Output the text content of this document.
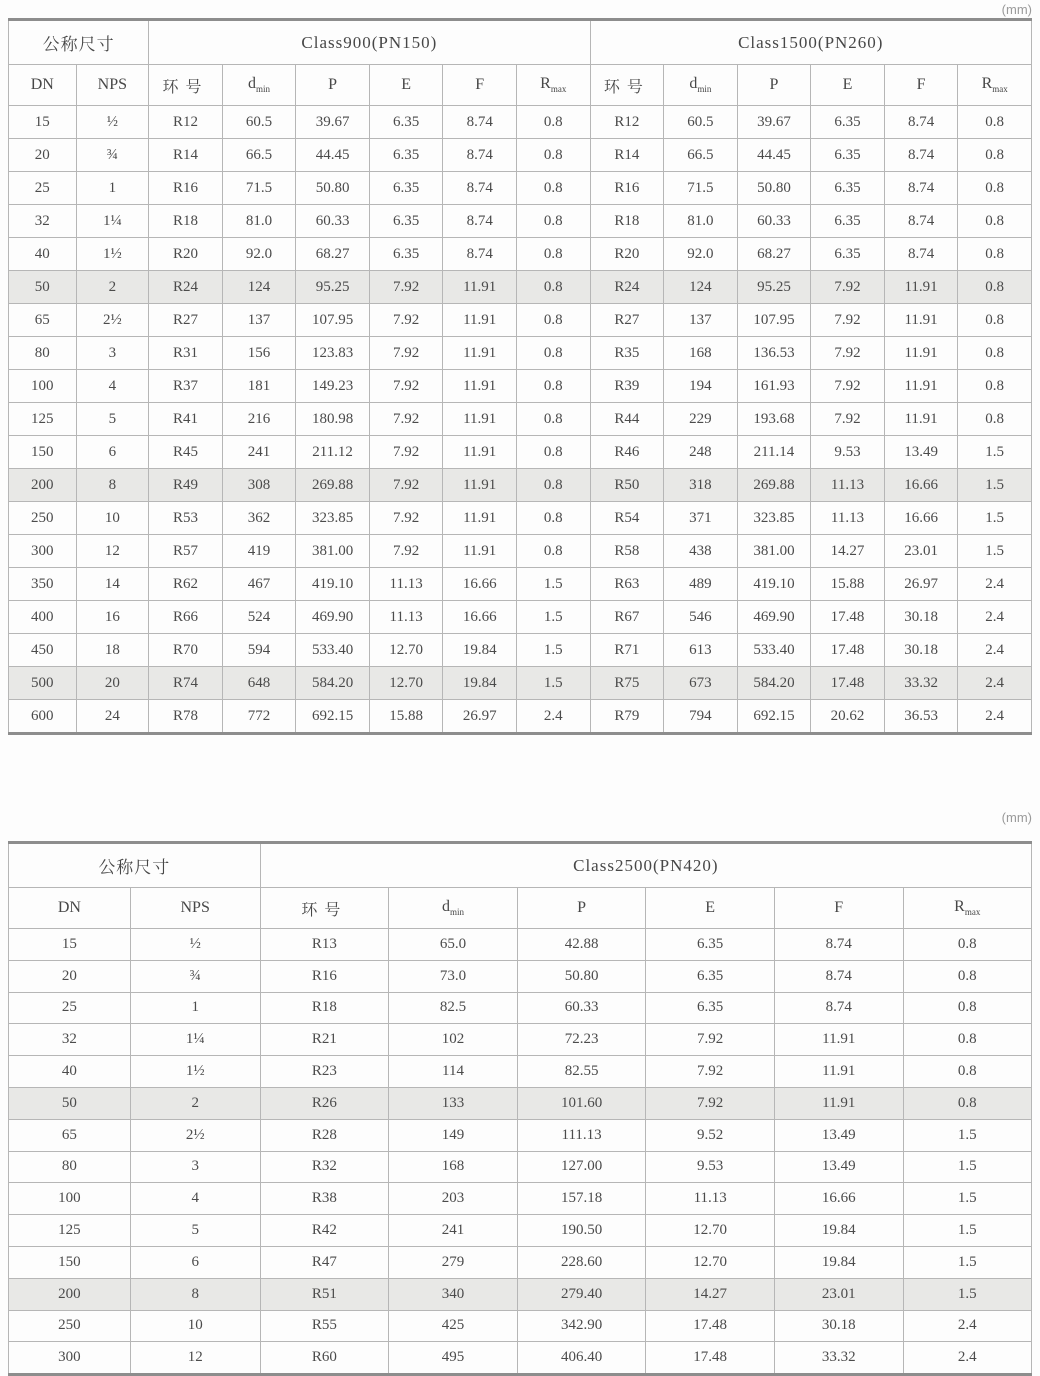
(mm)
公称尺寸		Class900(PN150)						Class1500(PN260)					
DN	NPS	环号	$d_{min}$	P	E	F	$R_{max}$	环号	$d_{min}$	P	E	F	$R_{max}$
15	½	R12	60.5	39.67	6.35	8.74	0.8	R12	60.5	39.67	6.35	8.74	0.8
20	¾	R14	66.5	44.45	6.35	8.74	0.8	R14	66.5	44.45	6.35	8.74	0.8
25	1	R16	71.5	50.80	6.35	8.74	0.8	R16	71.5	50.80	6.35	8.74	0.8
32	1¼	R18	81.0	60.33	6.35	8.74	0.8	R18	81.0	60.33	6.35	8.74	0.8
40	1½	R20	92.0	68.27	6.35	8.74	0.8	R20	92.0	68.27	6.35	8.74	0.8
50	2	R24	124	95.25	7.92	11.91	0.8	R24	124	95.25	7.92	11.91	0.8
65	2½	R27	137	107.95	7.92	11.91	0.8	R27	137	107.95	7.92	11.91	0.8
80	3	R31	156	123.83	7.92	11.91	0.8	R35	168	136.53	7.92	11.91	0.8
100	4	R37	181	149.23	7.92	11.91	0.8	R39	194	161.93	7.92	11.91	0.8
125	5	R41	216	180.98	7.92	11.91	0.8	R44	229	193.68	7.92	11.91	0.8
150	6	R45	241	211.12	7.92	11.91	0.8	R46	248	211.14	9.53	13.49	1.5
200	8	R49	308	269.88	7.92	11.91	0.8	R50	318	269.88	11.13	16.66	1.5
250	10	R53	362	323.85	7.92	11.91	0.8	R54	371	323.85	11.13	16.66	1.5
300	12	R57	419	381.00	7.92	11.91	0.8	R58	438	381.00	14.27	23.01	1.5
350	14	R62	467	419.10	11.13	16.66	1.5	R63	489	419.10	15.88	26.97	2.4
400	16	R66	524	469.90	11.13	16.66	1.5	R67	546	469.90	17.48	30.18	2.4
450	18	R70	594	533.40	12.70	19.84	1.5	R71	613	533.40	17.48	30.18	2.4
500	20	R74	648	584.20	12.70	19.84	1.5	R75	673	584.20	17.48	33.32	2.4
600	24	R78	772	692.15	15.88	26.97	2.4	R79	794	692.15	20.62	36.53	2.4
(mm)
公称尺寸		Class2500(PN420)					
DN	NPS	环号	$d_{min}$	P	E	F	$R_{max}$
15	½	R13	65.0	42.88	6.35	8.74	0.8
20	¾	R16	73.0	50.80	6.35	8.74	0.8
25	1	R18	82.5	60.33	6.35	8.74	0.8
32	1¼	R21	102	72.23	7.92	11.91	0.8
40	1½	R23	114	82.55	7.92	11.91	0.8
50	2	R26	133	101.60	7.92	11.91	0.8
65	2½	R28	149	111.13	9.52	13.49	1.5
80	3	R32	168	127.00	9.53	13.49	1.5
100	4	R38	203	157.18	11.13	16.66	1.5
125	5	R42	241	190.50	12.70	19.84	1.5
150	6	R47	279	228.60	12.70	19.84	1.5
200	8	R51	340	279.40	14.27	23.01	1.5
250	10	R55	425	342.90	17.48	30.18	2.4
300	12	R60	495	406.40	17.48	33.32	2.4
